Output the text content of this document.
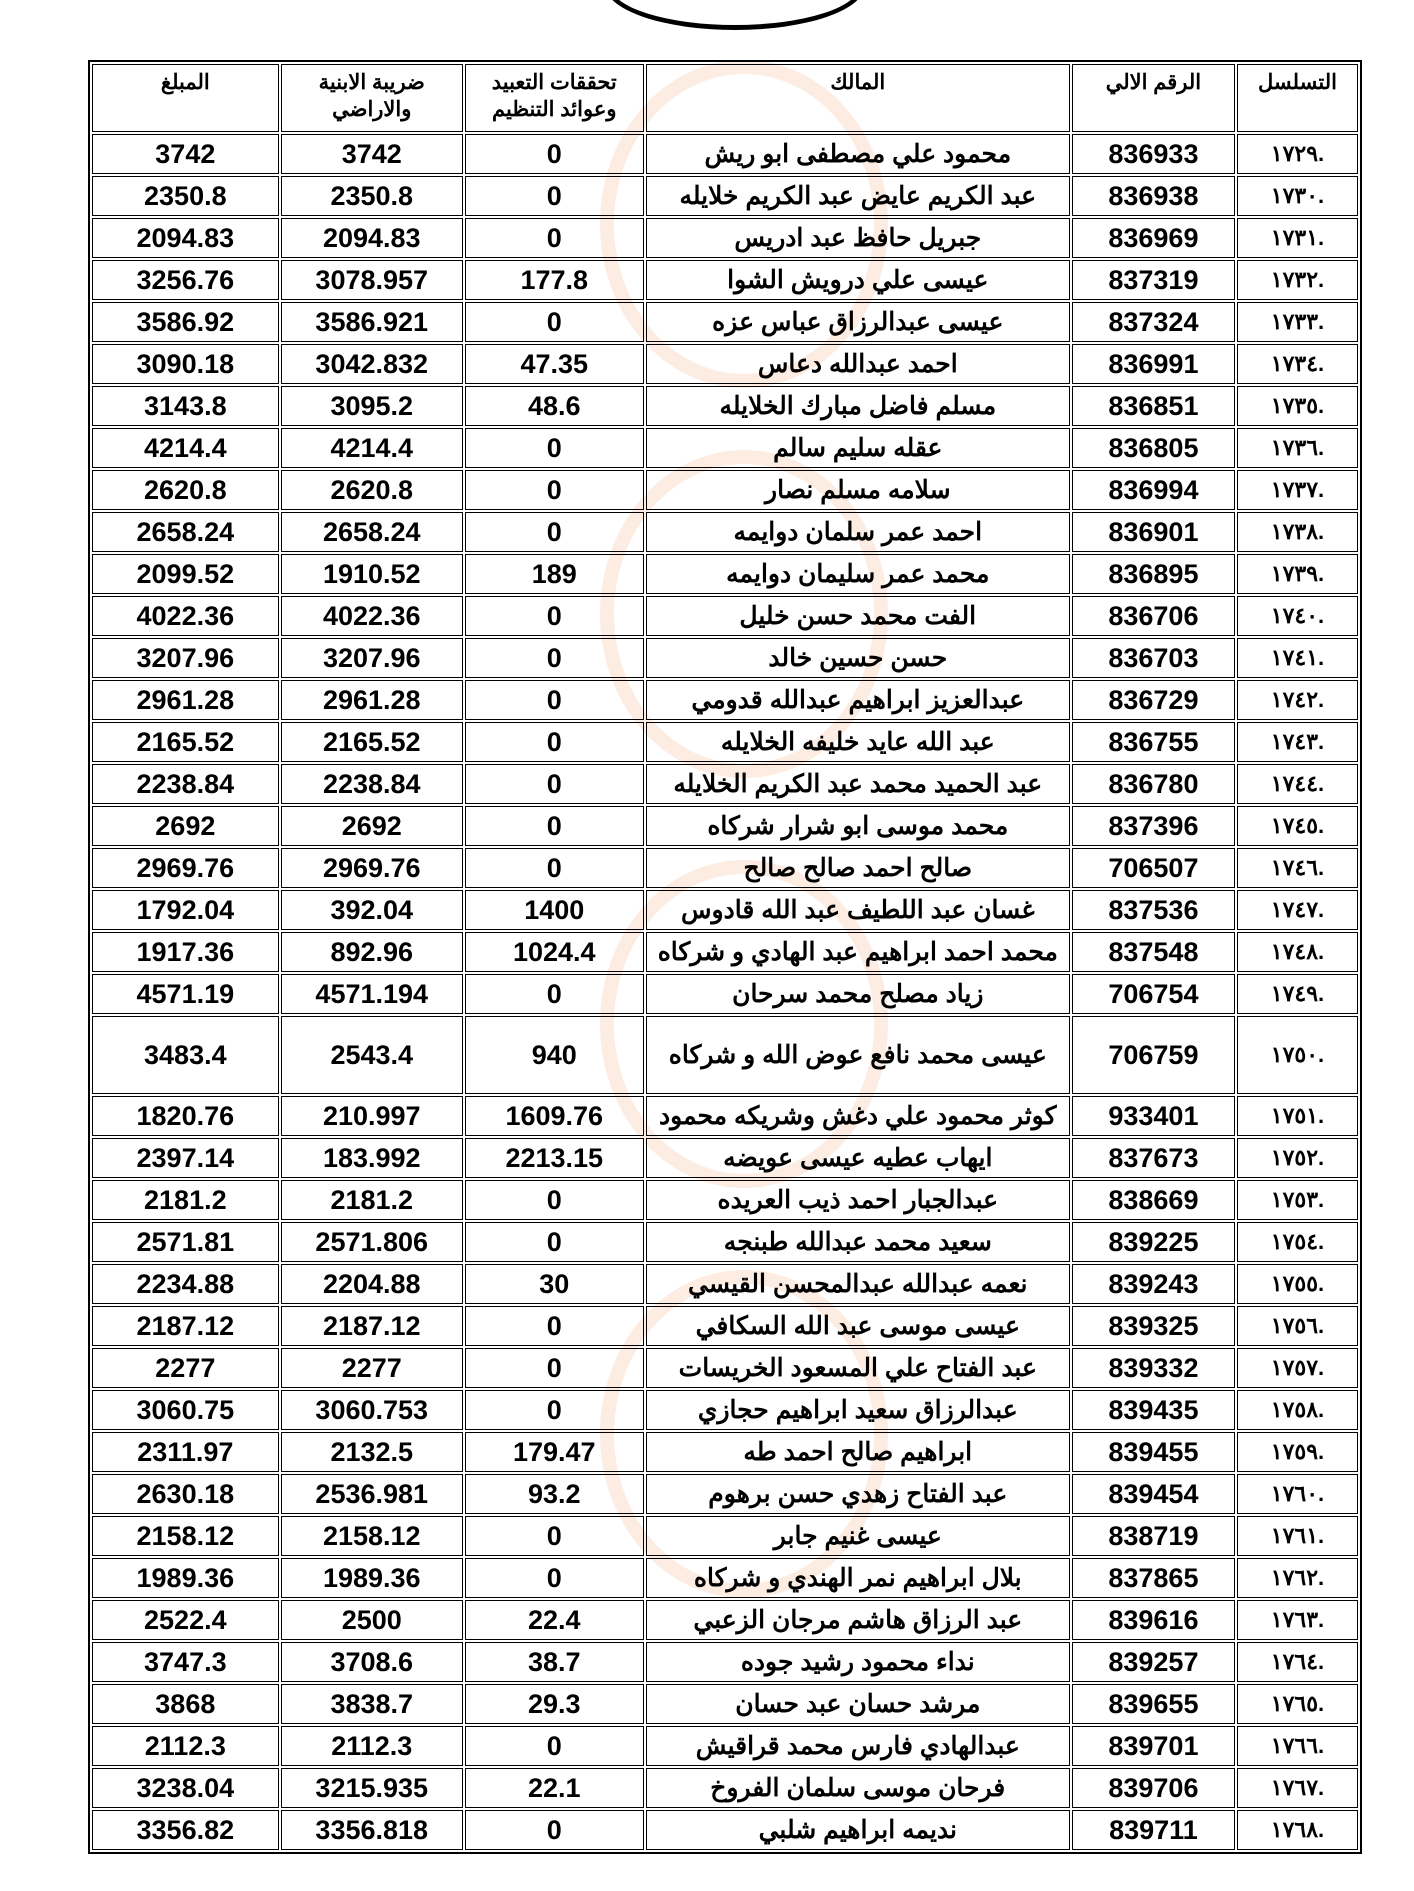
التسلسل	الرقم الالي	المالك	تحققات التعبيد وعوائد التنظيم	ضريبة الابنية والاراضي	المبلغ
.١٧٢٩	836933	محمود علي مصطفى ابو ريش	0	3742	3742
.١٧٣٠	836938	عبد الكريم عايض عبد الكريم خلايله	0	2350.8	2350.8
.١٧٣١	836969	جبريل حافظ عبد ادريس	0	2094.83	2094.83
.١٧٣٢	837319	عيسى علي درويش الشوا	177.8	3078.957	3256.76
.١٧٣٣	837324	عيسى عبدالرزاق عباس عزه	0	3586.921	3586.92
.١٧٣٤	836991	احمد عبدالله دعاس	47.35	3042.832	3090.18
.١٧٣٥	836851	مسلم فاضل مبارك الخلايله	48.6	3095.2	3143.8
.١٧٣٦	836805	عقله سليم سالم	0	4214.4	4214.4
.١٧٣٧	836994	سلامه مسلم نصار	0	2620.8	2620.8
.١٧٣٨	836901	احمد عمر سلمان دوايمه	0	2658.24	2658.24
.١٧٣٩	836895	محمد عمر سليمان دوايمه	189	1910.52	2099.52
.١٧٤٠	836706	الفت محمد حسن خليل	0	4022.36	4022.36
.١٧٤١	836703	حسن حسين خالد	0	3207.96	3207.96
.١٧٤٢	836729	عبدالعزيز ابراهيم عبدالله قدومي	0	2961.28	2961.28
.١٧٤٣	836755	عبد الله عايد خليفه الخلايله	0	2165.52	2165.52
.١٧٤٤	836780	عبد الحميد محمد عبد الكريم الخلايله	0	2238.84	2238.84
.١٧٤٥	837396	محمد موسى ابو شرار شركاه	0	2692	2692
.١٧٤٦	706507	صالح احمد صالح صالح	0	2969.76	2969.76
.١٧٤٧	837536	غسان عبد اللطيف عبد الله قادوس	1400	392.04	1792.04
.١٧٤٨	837548	محمد احمد ابراهيم عبد الهادي و شركاه	1024.4	892.96	1917.36
.١٧٤٩	706754	زياد مصلح محمد سرحان	0	4571.194	4571.19
.١٧٥٠	706759	عيسى محمد نافع عوض الله و شركاه	940	2543.4	3483.4
.١٧٥١	933401	كوثر محمود علي دغش وشريكه محمود	1609.76	210.997	1820.76
.١٧٥٢	837673	ايهاب عطيه عيسى عويضه	2213.15	183.992	2397.14
.١٧٥٣	838669	عبدالجبار احمد ذيب العريده	0	2181.2	2181.2
.١٧٥٤	839225	سعيد محمد عبدالله طبنجه	0	2571.806	2571.81
.١٧٥٥	839243	نعمه عبدالله عبدالمحسن القيسي	30	2204.88	2234.88
.١٧٥٦	839325	عيسى موسى عبد الله السكافي	0	2187.12	2187.12
.١٧٥٧	839332	عبد الفتاح علي المسعود الخريسات	0	2277	2277
.١٧٥٨	839435	عبدالرزاق سعيد ابراهيم حجازي	0	3060.753	3060.75
.١٧٥٩	839455	ابراهيم صالح احمد طه	179.47	2132.5	2311.97
.١٧٦٠	839454	عبد الفتاح زهدي حسن برهوم	93.2	2536.981	2630.18
.١٧٦١	838719	عيسى غنيم جابر	0	2158.12	2158.12
.١٧٦٢	837865	بلال ابراهيم نمر الهندي و شركاه	0	1989.36	1989.36
.١٧٦٣	839616	عبد الرزاق هاشم مرجان الزعبي	22.4	2500	2522.4
.١٧٦٤	839257	نداء محمود رشيد جوده	38.7	3708.6	3747.3
.١٧٦٥	839655	مرشد حسان عبد حسان	29.3	3838.7	3868
.١٧٦٦	839701	عبدالهادي فارس محمد قراقيش	0	2112.3	2112.3
.١٧٦٧	839706	فرحان موسى سلمان الفروخ	22.1	3215.935	3238.04
.١٧٦٨	839711	نديمه ابراهيم شلبي	0	3356.818	3356.82
